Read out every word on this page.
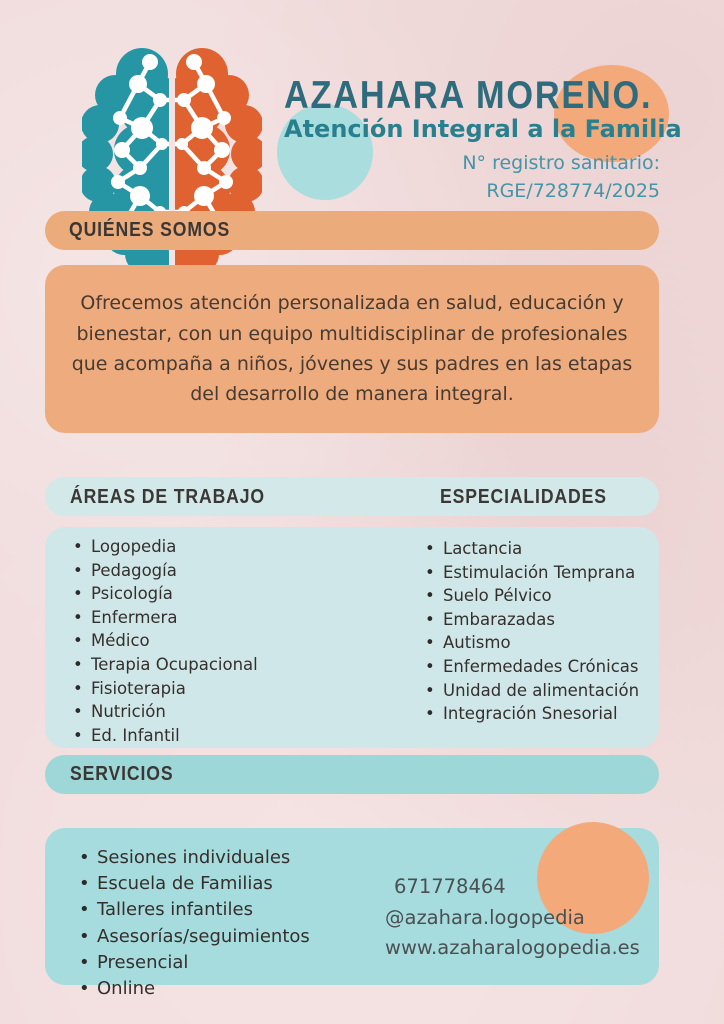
AZAHARA MORENO.
Atención Integral a la Familia
N° registro sanitario:
RGE/728774/2025
QUIÉNES SOMOS

Ofrecemos atención personalizada en salud, educación y bienestar, con un equipo multidisciplinar de profesionales que acompaña a niños, jóvenes y sus padres en las etapas del desarrollo de manera integral.

ÁREAS DE TRABAJO	ESPECIALIDADES
• Logopedia
• Pedagogía
• Psicología
• Enfermera
• Médico
• Terapia Ocupacional
• Fisioterapia
• Nutrición
• Ed. Infantil
• Lactancia
• Estimulación Temprana
• Suelo Pélvico
• Embarazadas
• Autismo
• Enfermedades Crónicas
• Unidad de alimentación
• Integración Snesorial
SERVICIOS
• Sesiones individuales
• Escuela de Familias
• Talleres infantiles
• Asesorías/seguimientos
• Presencial
• Online
671778464
@azahara.logopedia
www.azaharalogopedia.es
